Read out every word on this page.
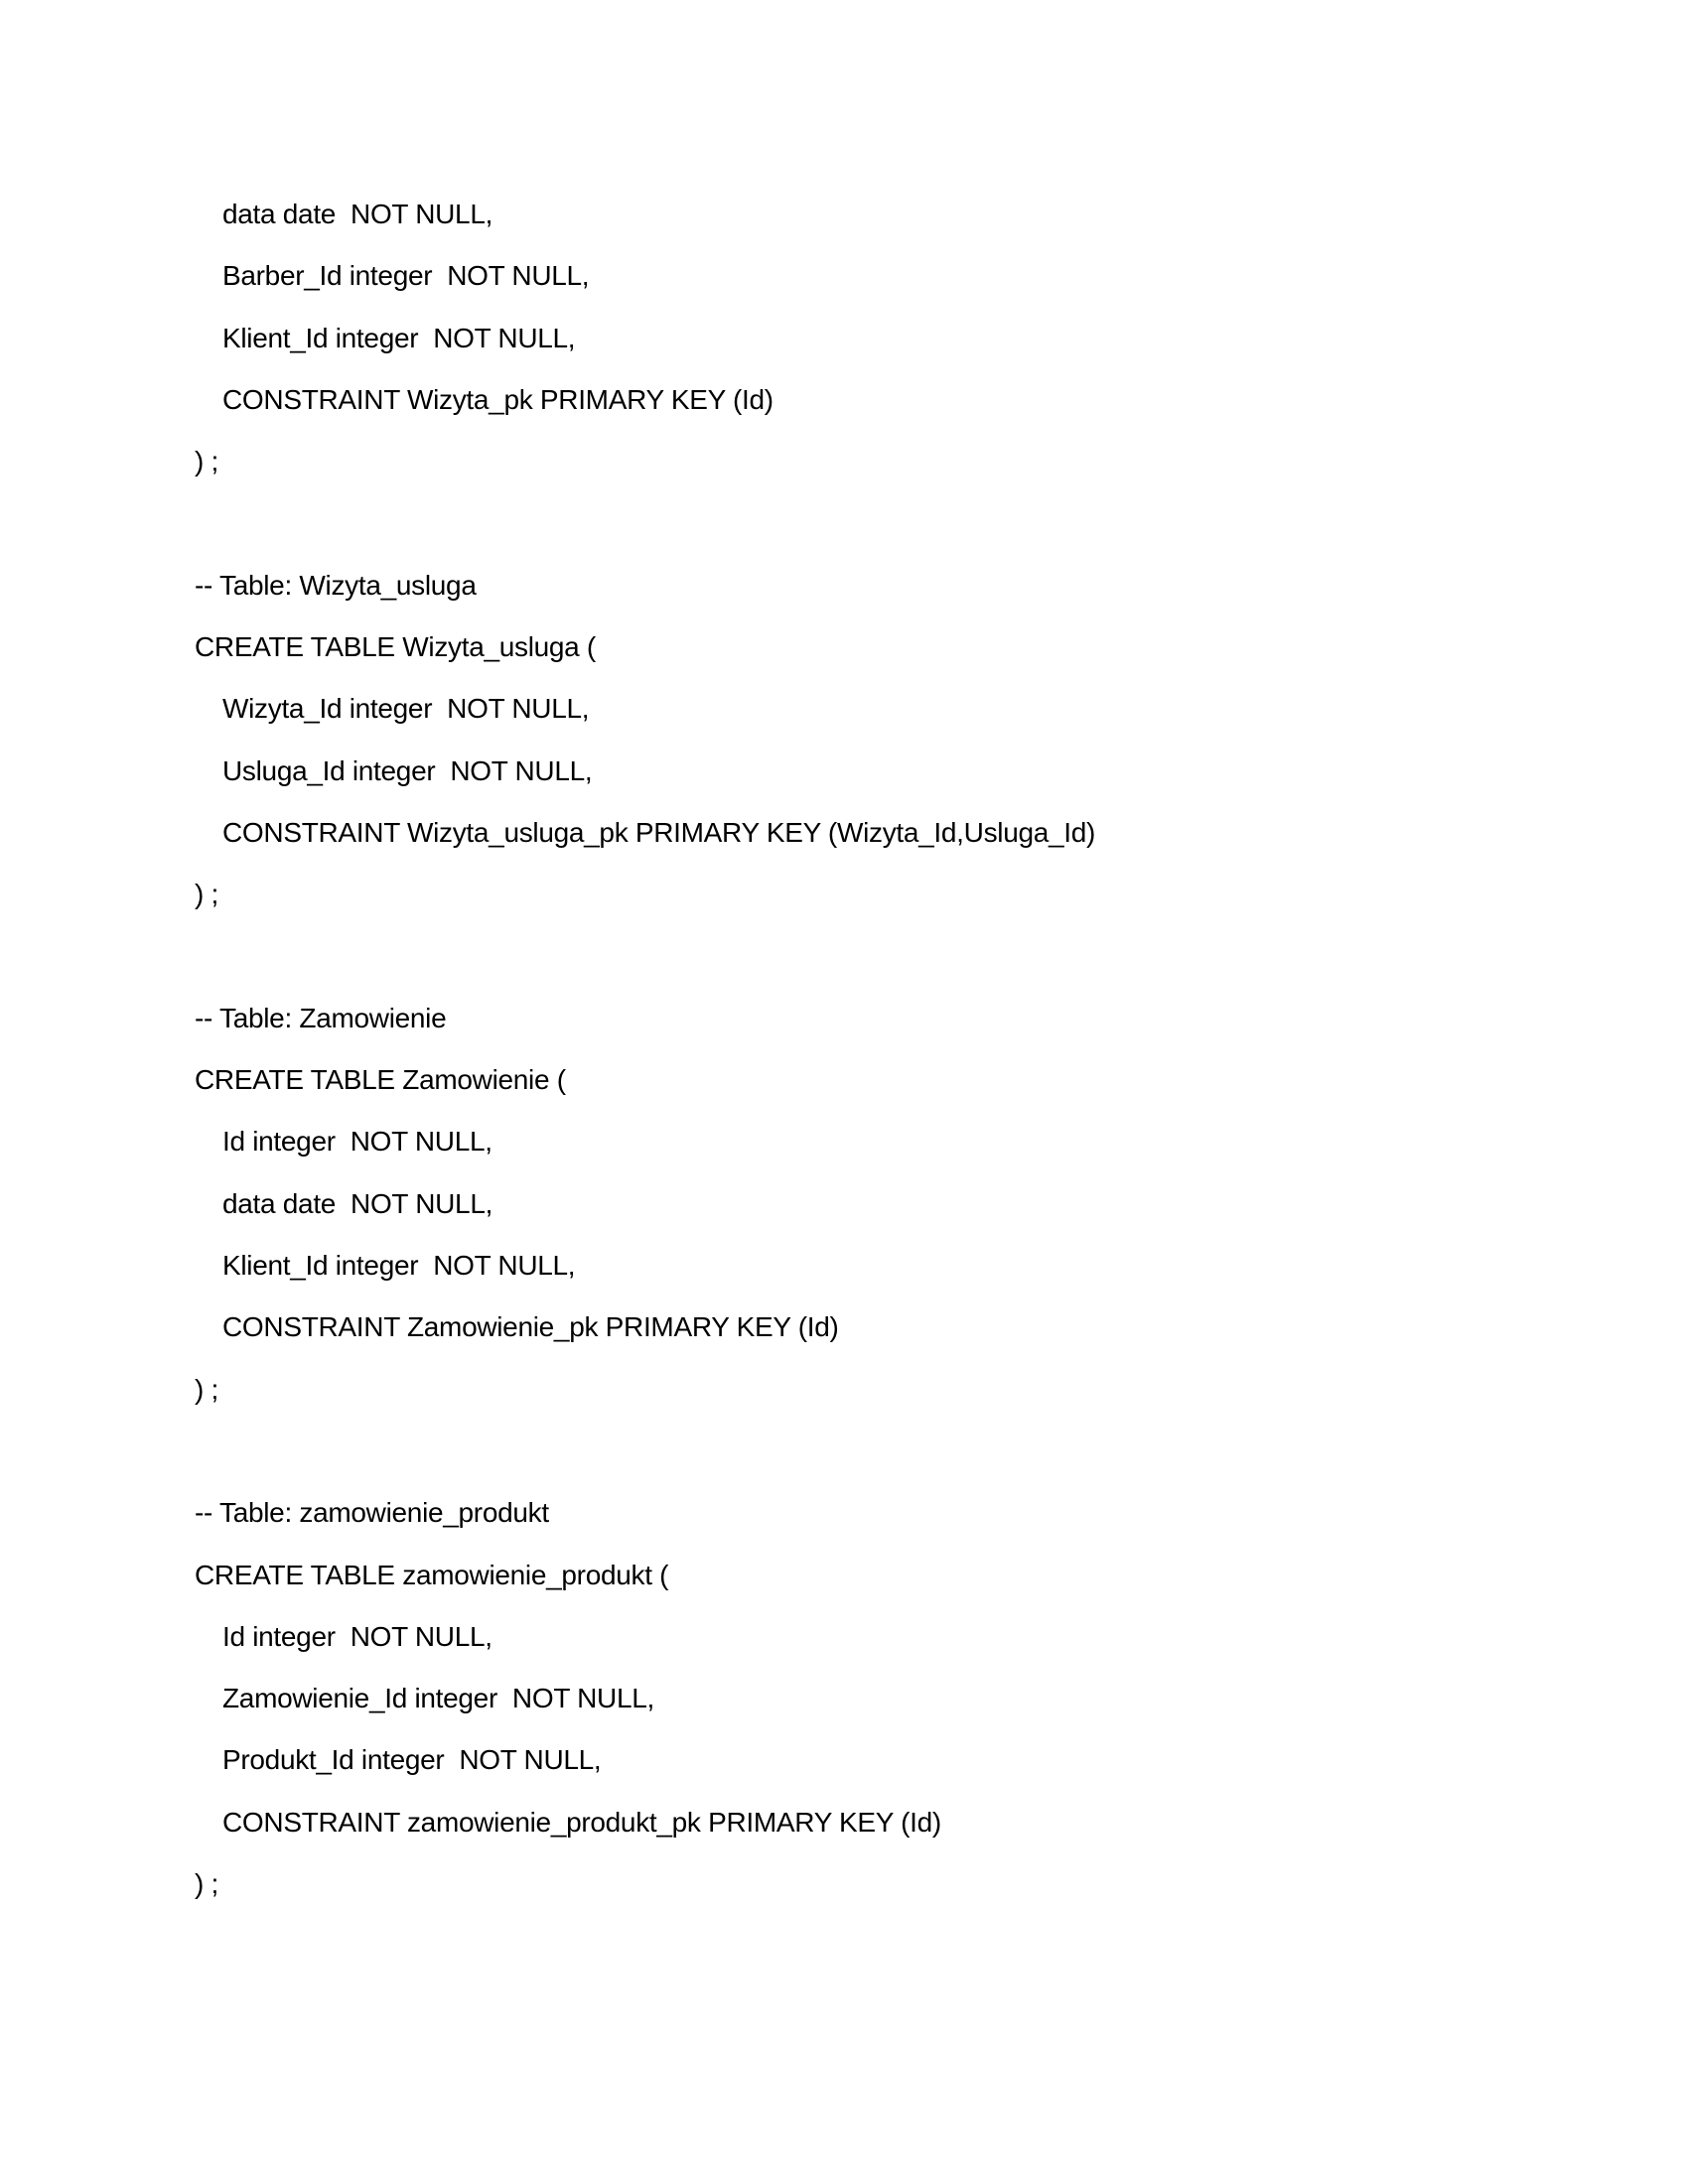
data date  NOT NULL,
Barber_Id integer  NOT NULL,
Klient_Id integer  NOT NULL,
CONSTRAINT Wizyta_pk PRIMARY KEY (Id)
) ;
-- Table: Wizyta_usluga
CREATE TABLE Wizyta_usluga (
Wizyta_Id integer  NOT NULL,
Usluga_Id integer  NOT NULL,
CONSTRAINT Wizyta_usluga_pk PRIMARY KEY (Wizyta_Id,Usluga_Id)
) ;
-- Table: Zamowienie
CREATE TABLE Zamowienie (
Id integer  NOT NULL,
data date  NOT NULL,
Klient_Id integer  NOT NULL,
CONSTRAINT Zamowienie_pk PRIMARY KEY (Id)
) ;
-- Table: zamowienie_produkt
CREATE TABLE zamowienie_produkt (
Id integer  NOT NULL,
Zamowienie_Id integer  NOT NULL,
Produkt_Id integer  NOT NULL,
CONSTRAINT zamowienie_produkt_pk PRIMARY KEY (Id)
) ;
